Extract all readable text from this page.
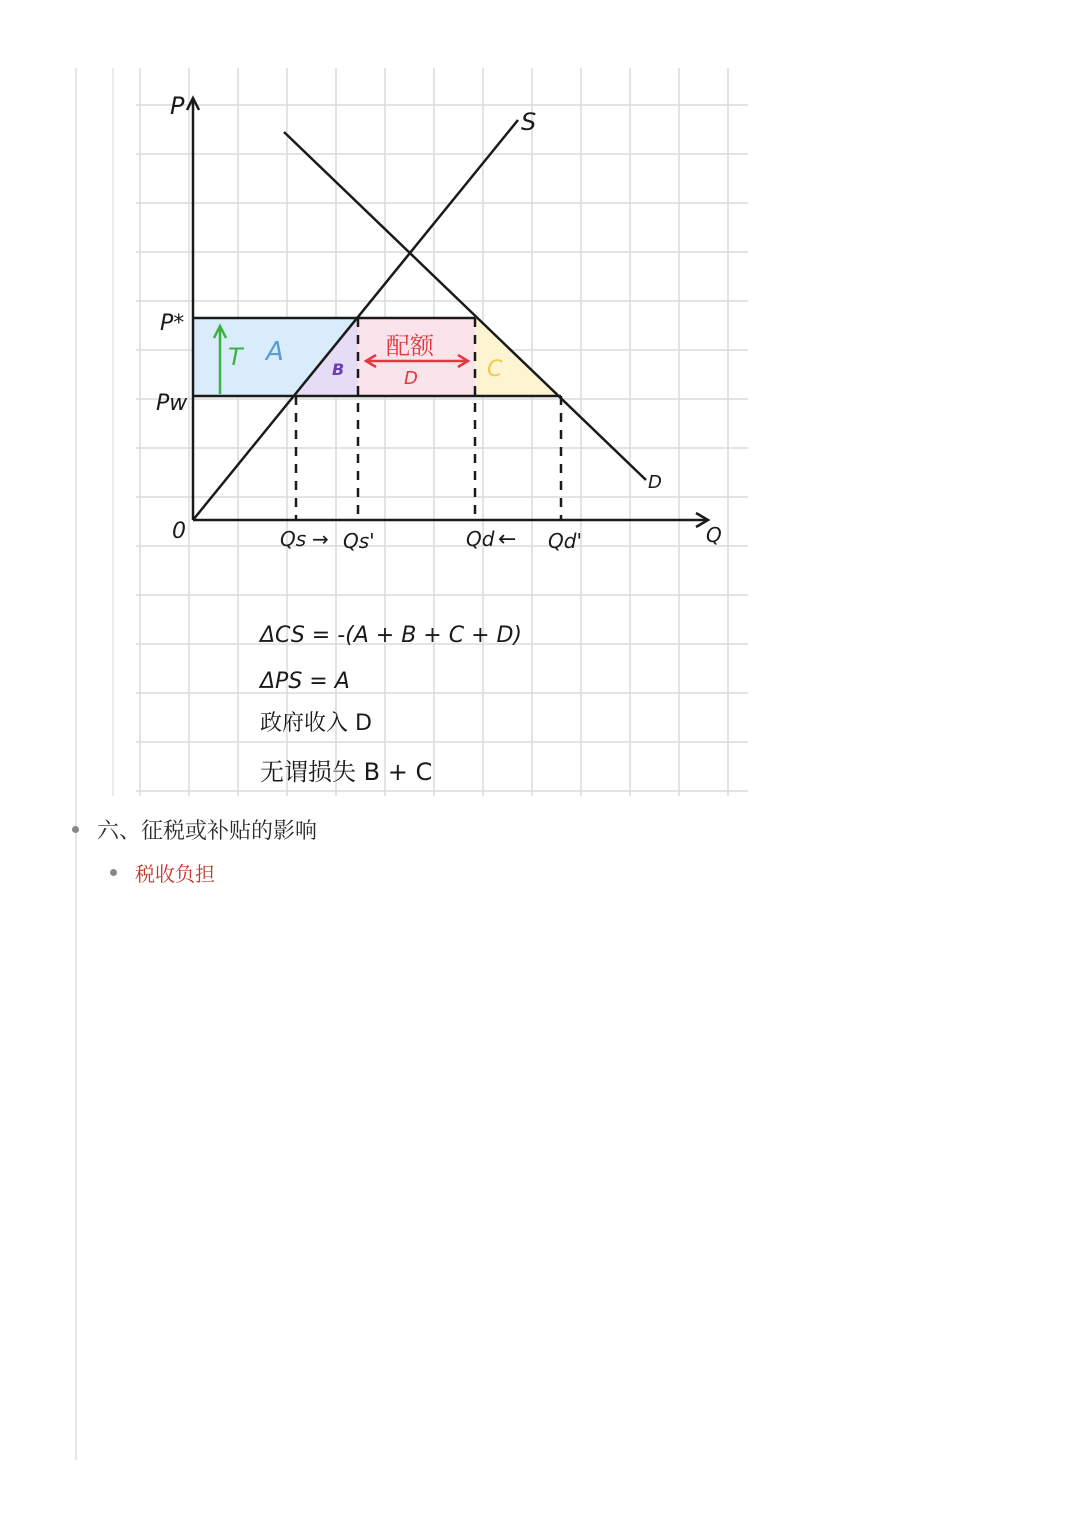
P
Q
0
S
D
P*
Pw
Qs → Qs'	Qd ← Qd'
T A
B
配额
D	C
ΔCS = -(A + B + C + D)
ΔPS = A
政府收入 D
无谓损失 B + C
六、征税或补贴的影响
税收负担
